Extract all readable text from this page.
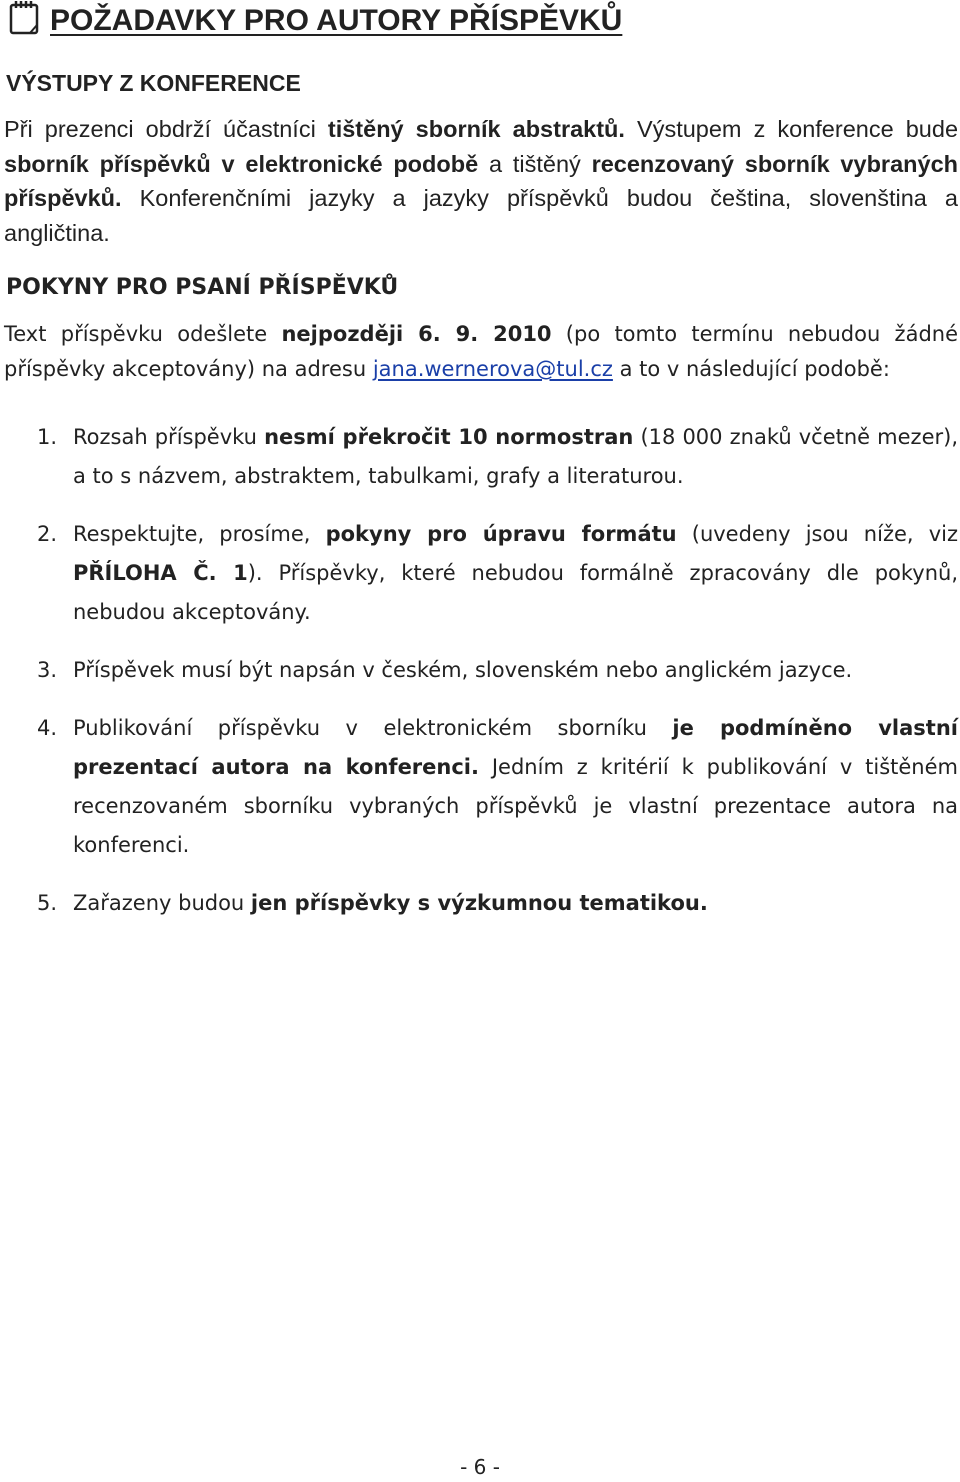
POŽADAVKY PRO AUTORY PŘÍSPĚVKŮ
VÝSTUPY Z KONFERENCE
Při prezenci obdrží účastníci tištěný sborník abstraktů. Výstupem z konference bude sborník příspěvků v elektronické podobě a tištěný recenzovaný sborník vybraných příspěvků. Konferenčními jazyky a jazyky příspěvků budou čeština, slovenština a angličtina.
POKYNY PRO PSANÍ PŘÍSPĚVKŮ
Text příspěvku odešlete nejpozději 6. 9. 2010 (po tomto termínu nebudou žádné příspěvky akceptovány) na adresu jana.wernerova@tul.cz a to v následující podobě:
1. Rozsah příspěvku nesmí překročit 10 normostran (18 000 znaků včetně mezer), a to s názvem, abstraktem, tabulkami, grafy a literaturou.
2. Respektujte, prosíme, pokyny pro úpravu formátu (uvedeny jsou níže, viz PŘÍLOHA Č. 1). Příspěvky, které nebudou formálně zpracovány dle pokynů, nebudou akceptovány.
3. Příspěvek musí být napsán v českém, slovenském nebo anglickém jazyce.
4. Publikování příspěvku v elektronickém sborníku je podmíněno vlastní prezentací autora na konferenci. Jedním z kritérií k publikování v tištěném recenzovaném sborníku vybraných příspěvků je vlastní prezentace autora na konferenci.
5. Zařazeny budou jen příspěvky s výzkumnou tematikou.
- 6 -
